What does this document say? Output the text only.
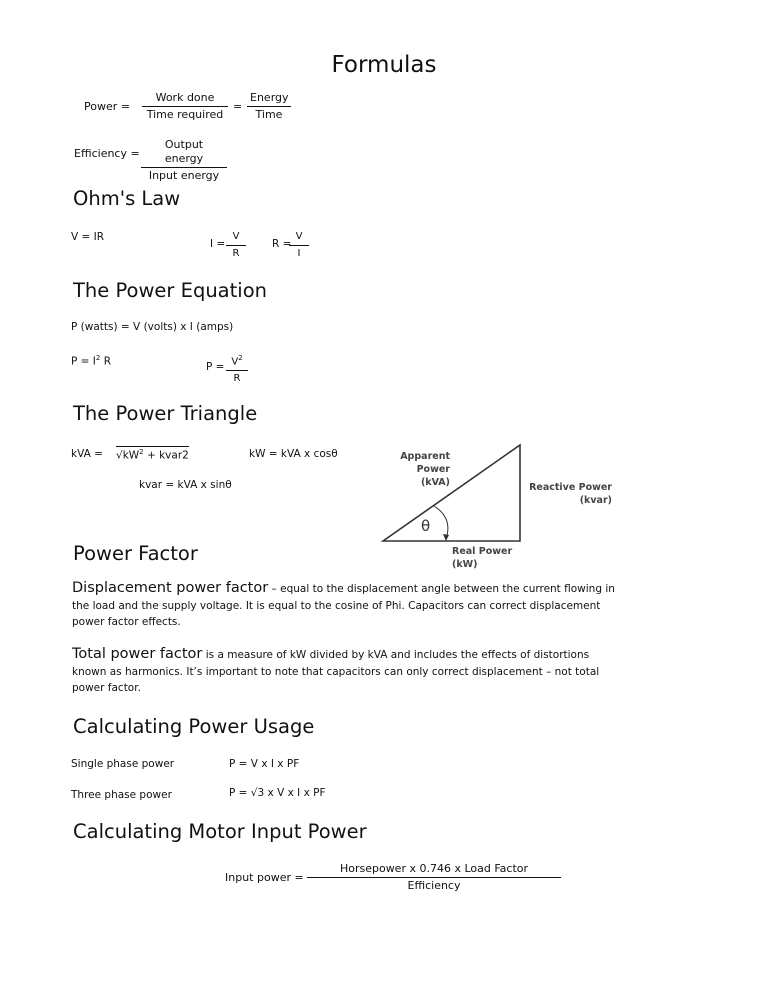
Formulas
Power =
Work done
Time required
=
Energy
Time
Efficiency =
Output energy
Input energy
Ohm's Law
V = IR
$I = \frac{V}{R}$ R =
$\frac{V}{I}$
The Power Equation
P (watts) = V (volts) x I (amps)
$P = I^2$ R	$P = \frac{V^2}{R}$
The Power Triangle
kVA = $√kW^2$ + kvar2	kW = kVA x cosθ
kvar = kVA x sinθ
θ
Apparent
Power
(kVA)	Reactive Power
(kvar)
Real Power
(kW)
Power Factor
Displacement power factor – equal to the displacement angle between the current flowing in the load and the supply voltage. It is equal to the cosine of Phi. Capacitors can correct displacement power factor effects.
Total power factor is a measure of kW divided by kVA and includes the effects of distortions known as harmonics. It’s important to note that capacitors can only correct displacement – not total power factor.
Calculating Power Usage
Single phase power	P = V x I x PF
Three phase power	P = √3 x V x I x PF
Calculating Motor Input Power
Input power =
Horsepower x 0.746 x Load Factor
Efficiency
